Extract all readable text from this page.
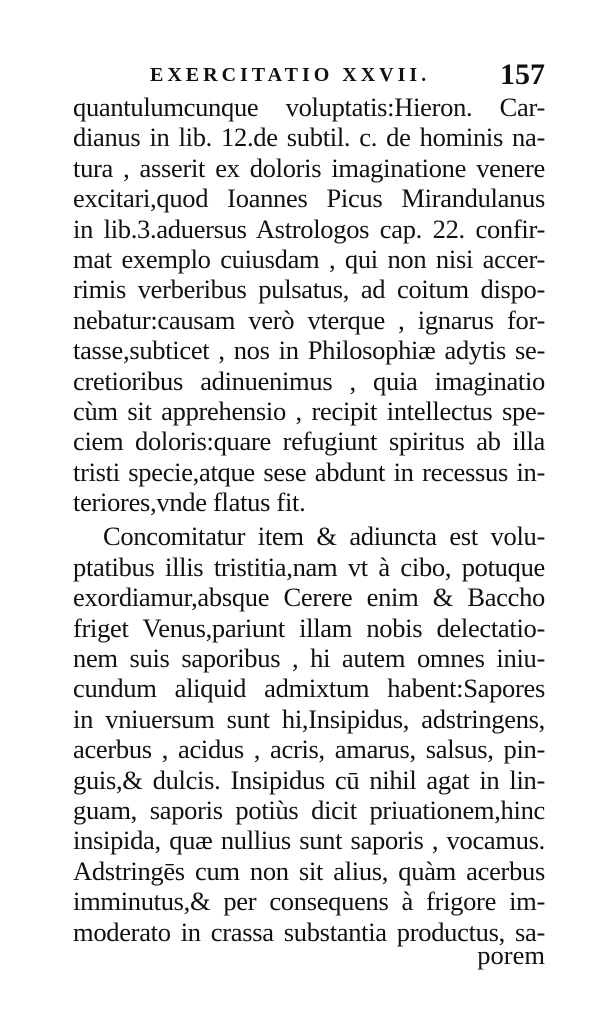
EXERCITATIO XXVII. 157
quantulumcunque voluptatis:Hieron. Car-
dianus in lib. 12.de subtil. c. de hominis na-
tura , asserit ex doloris imaginatione venere
excitari,quod Ioannes Picus Mirandulanus
in lib.3.aduersus Astrologos cap. 22. confir-
mat exemplo cuiusdam , qui non nisi accer-
rimis verberibus pulsatus, ad coitum dispo-
nebatur:causam verò vterque , ignarus for-
tasse,subticet , nos in Philosophiæ adytis se-
cretioribus adinuenimus , quia imaginatio
cùm sit apprehensio , recipit intellectus spe-
ciem doloris:quare refugiunt spiritus ab illa
tristi specie,atque sese abdunt in recessus in-
teriores,vnde flatus fit.
Concomitatur item & adiuncta est volu-
ptatibus illis tristitia,nam vt à cibo, potuque
exordiamur,absque Cerere enim & Baccho
friget Venus,pariunt illam nobis delectatio-
nem suis saporibus , hi autem omnes iniu-
cundum aliquid admixtum habent:Sapores
in vniuersum sunt hi,Insipidus, adstringens,
acerbus , acidus , acris, amarus, salsus, pin-
guis,& dulcis. Insipidus cū nihil agat in lin-
guam, saporis potiùs dicit priuationem,hinc
insipida, quæ nullius sunt saporis , vocamus.
Adstringēs cum non sit alius, quàm acerbus
imminutus,& per consequens à frigore im-
moderato in crassa substantia productus, sa-
porem
